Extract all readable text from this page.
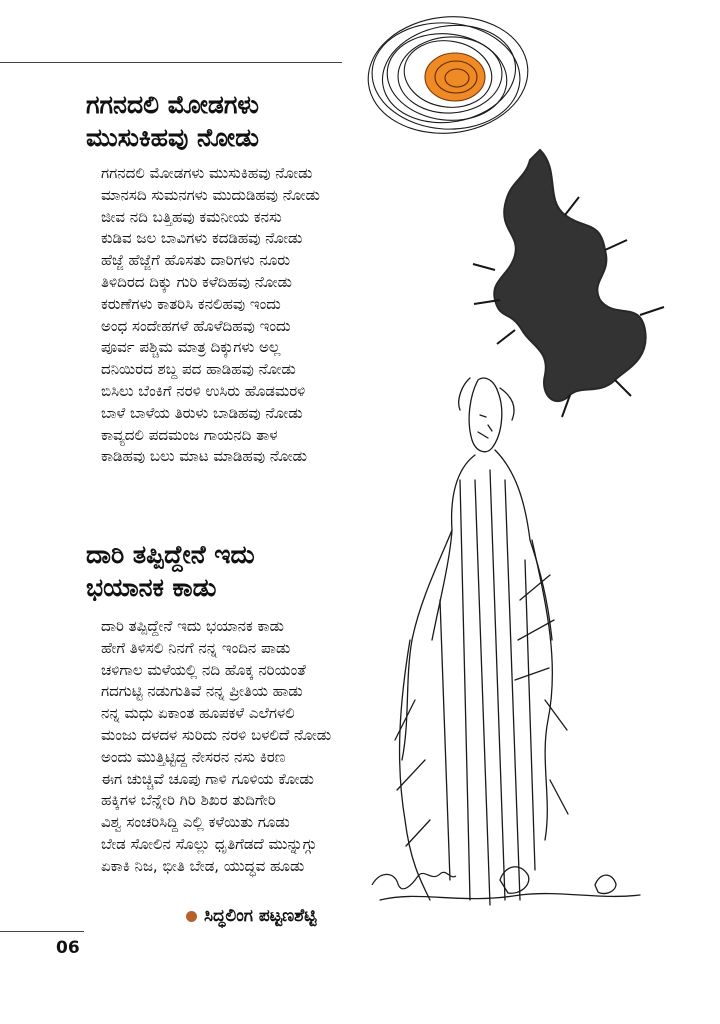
ಗಗನದಲಿ ಮೋಡಗಳು
ಮುಸುಕಿಹವು ನೋಡು
ಗಗನದಲಿ ಮೋಡಗಳು ಮುಸುಕಿಹವು ನೋಡು
ಮಾನಸದಿ ಸುಮನಗಳು ಮುದುಡಿಹವು ನೋಡು
ಜೀವ ನದಿ ಬತ್ತಿಹವು ಕಮನೀಯ ಕನಸು
ಕುಡಿವ ಜಲ ಬಾವಿಗಳು ಕದಡಿಹವು ನೋಡು
ಹೆಜ್ಜೆ ಹೆಜ್ಜೆಗೆ ಹೊಸತು ದಾರಿಗಳು ನೂರು
ತಿಳಿದಿರದ ದಿಕ್ಕು ಗುರಿ ಕಳೆದಿಹವು ನೋಡು
ಕರುಣೆಗಳು ಕಾತರಿಸಿ ಕನಲಿಹವು ಇಂದು
ಅಂಧ ಸಂದೇಹಗಳೆ ಹೊಳೆದಿಹವು ಇಂದು
ಪೂರ್ವ ಪಶ್ಚಿಮ ಮಾತ್ರ ದಿಕ್ಕುಗಳು ಅಲ್ಲ
ದನಿಯಿರದ ಶಬ್ದ ಪದ ಹಾಡಿಹವು ನೋಡು
ಬಿಸಿಲು ಬೆಂಕಿಗೆ ನರಳಿ ಉಸಿರು ಹೊಡಮರಳಿ
ಬಾಳೆ ಬಾಳೆಯ ತಿರುಳು ಬಾಡಿಹವು ನೋಡು
ಕಾವ್ಯದಲಿ ಪದಮಂಜ ಗಾಯನದಿ ತಾಳ
ಕಾಡಿಹವು ಬಲು ಮಾಟ ಮಾಡಿಹವು ನೋಡು
ದಾರಿ ತಪ್ಪಿದ್ದೇನೆ ಇದು
ಭಯಾನಕ ಕಾಡು
ದಾರಿ ತಪ್ಪಿದ್ದೇನೆ ಇದು ಭಯಾನಕ ಕಾಡು
ಹೇಗೆ ತಿಳಿಸಲಿ ನಿನಗೆ ನನ್ನ ಇಂದಿನ ಪಾಡು
ಚಳಿಗಾಲ ಮಳೆಯಲ್ಲಿ ನದಿ ಹೊಕ್ಕ ನರಿಯಂತೆ
ಗದಗುಟ್ಟಿ ನಡುಗುತಿವೆ ನನ್ನ ಪ್ರೀತಿಯ ಹಾಡು
ನನ್ನ ಮಧು ಏಕಾಂತ ಹೂಪಕಳೆ ಎಲೆಗಳಲಿ
ಮಂಜು ದಳದಳ ಸುರಿದು ನರಳಿ ಬಳಲಿದೆ ನೋಡು
ಅಂದು ಮುತ್ತಿಟ್ಟಿದ್ದ ನೇಸರನ ನಸು ಕಿರಣ
ಈಗ ಚುಚ್ಚಿವೆ ಚೂಪು ಗಾಳಿ ಗೂಳಿಯ ಕೋಡು
ಹಕ್ಕಿಗಳ ಬೆನ್ನೇರಿ ಗಿರಿ ಶಿಖರ ತುದಿಗೇರಿ
ವಿಶ್ವ ಸಂಚರಿಸಿದ್ದಿ ಎಲ್ಲಿ ಕಳೆಯಿತು ಗೂಡು
ಬೇಡ ಸೋಲಿನ ಸೊಲ್ಲು ಧೃತಿಗೆಡದೆ ಮುನ್ನುಗ್ಗು
ಏಕಾಕಿ ನಿಜ, ಭೀತಿ ಬೇಡ, ಯುದ್ಧವ ಹೂಡು
ಸಿದ್ಧಲಿಂಗ ಪಟ್ಟಣಶೆಟ್ಟಿ
06
